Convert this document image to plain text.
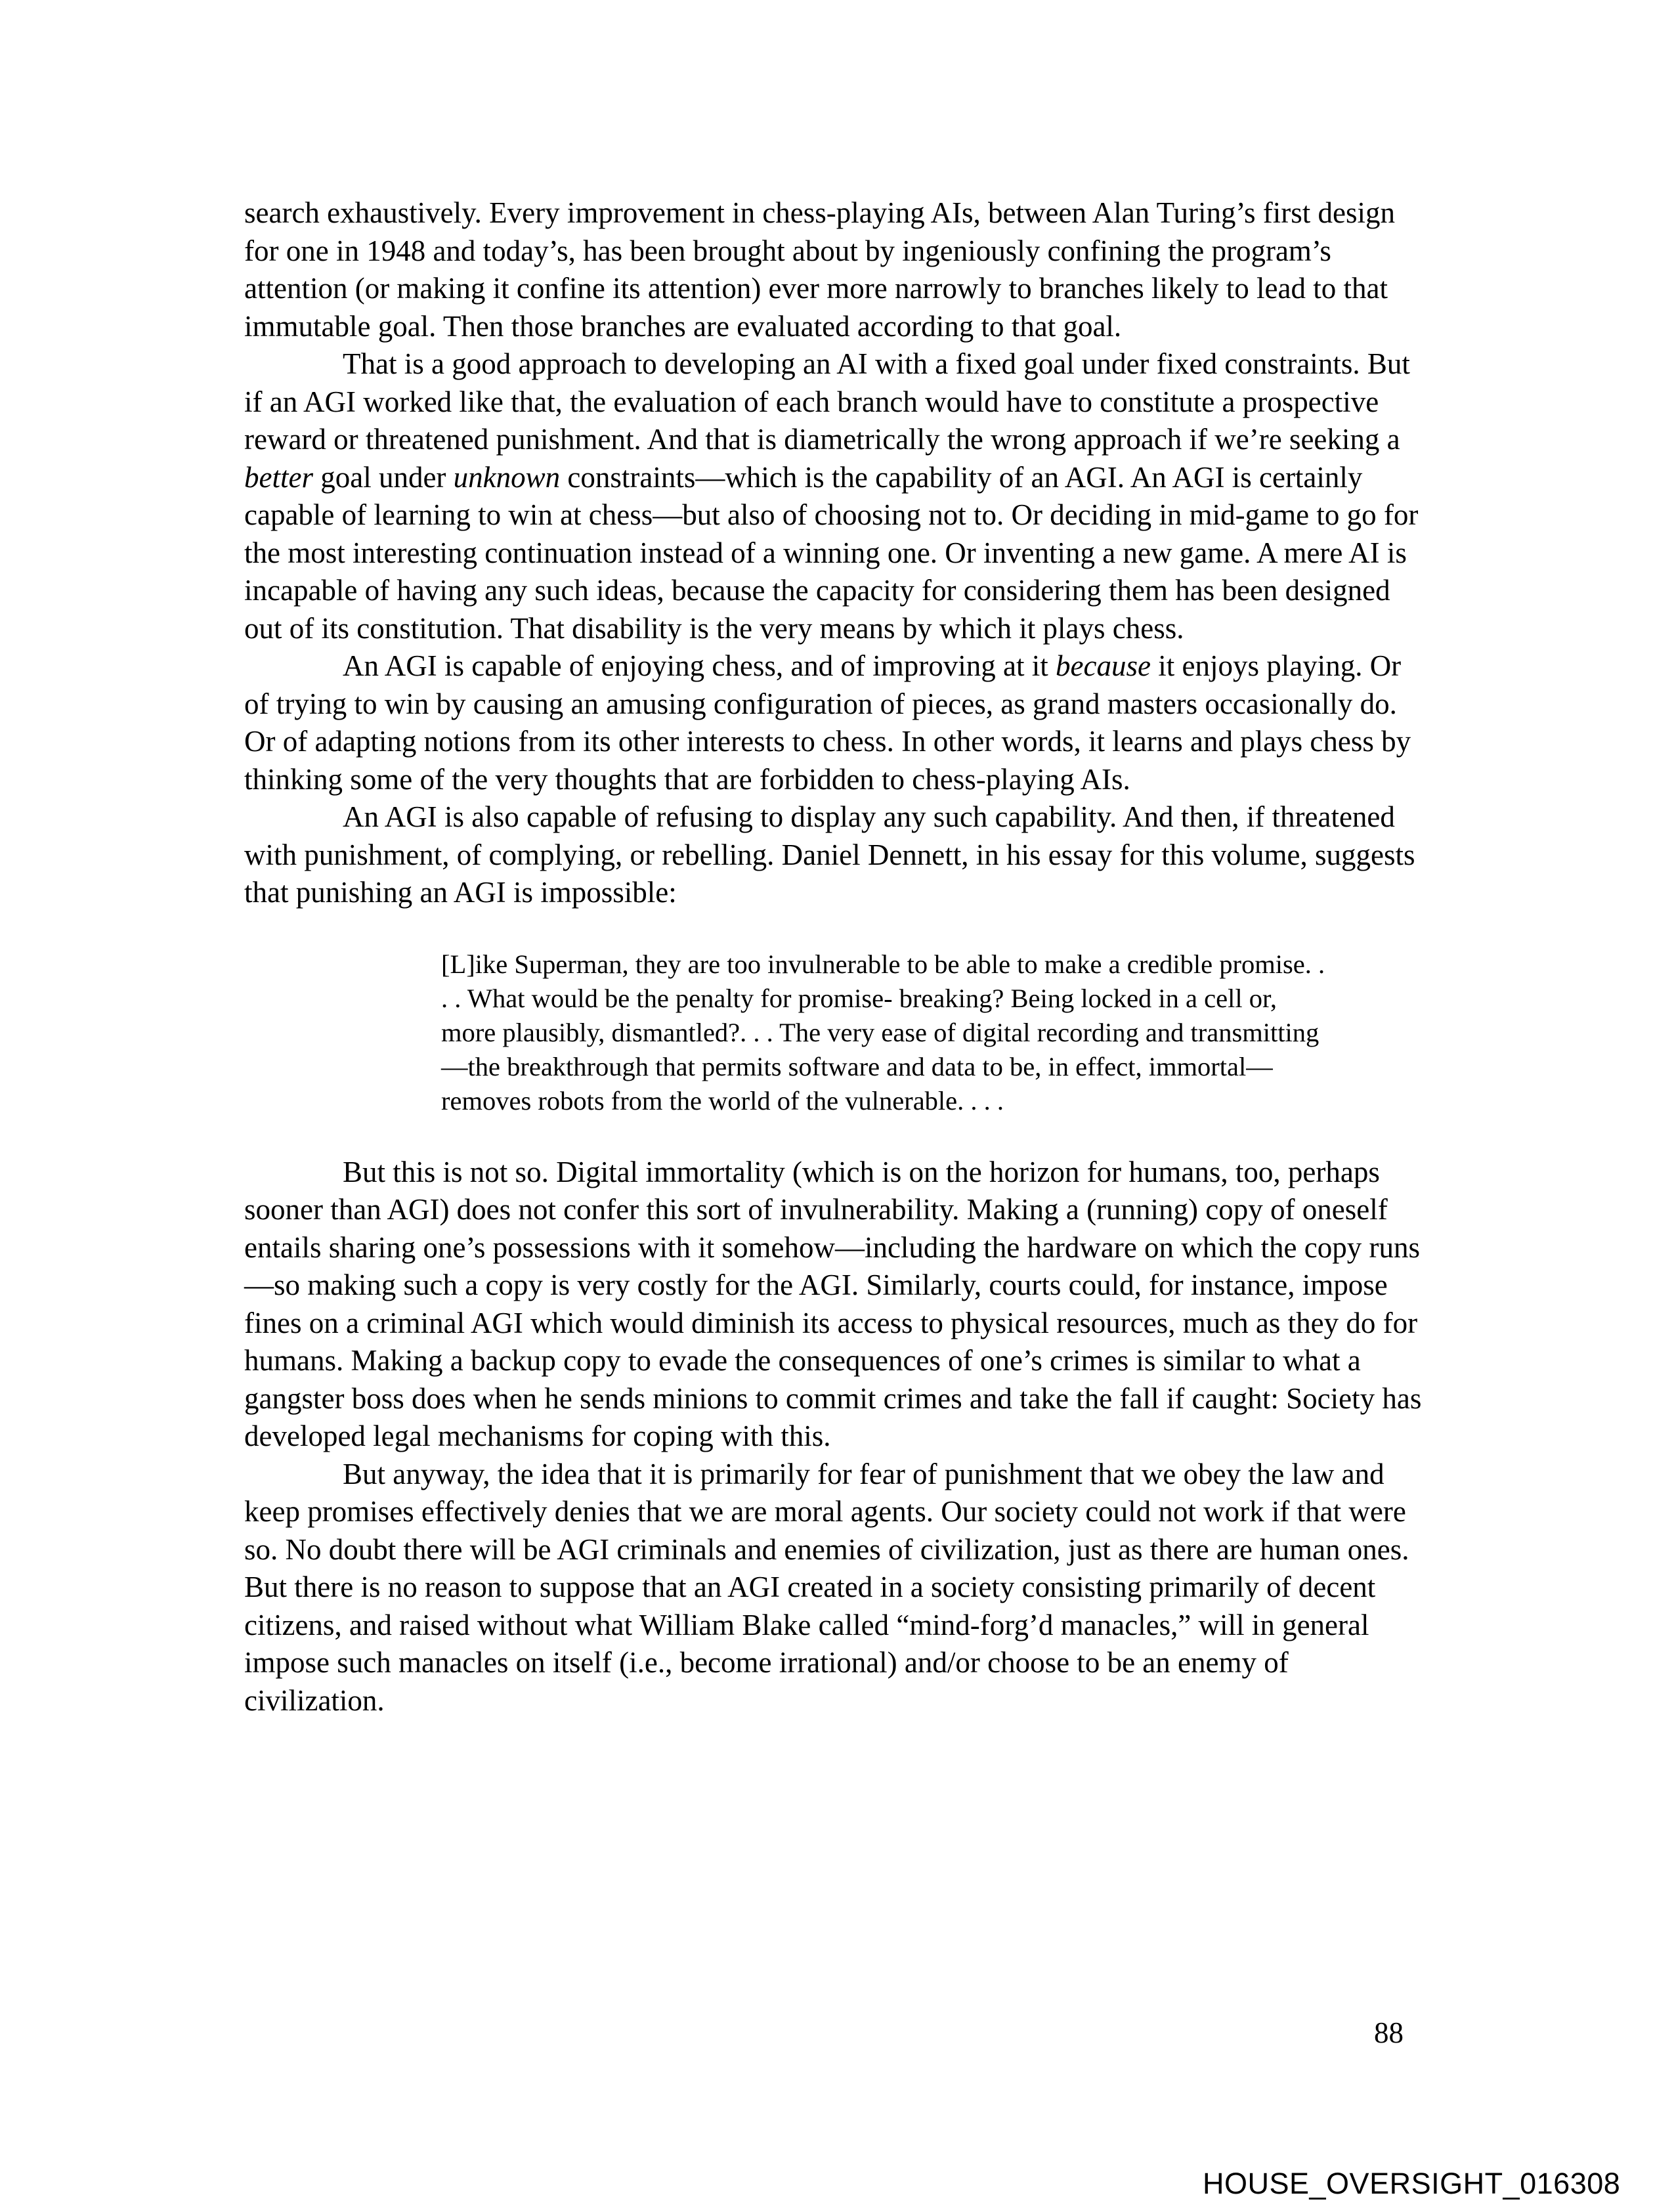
search exhaustively. Every improvement in chess-playing AIs, between Alan Turing’s first design for one in 1948 and today’s, has been brought about by ingeniously confining the program’s attention (or making it confine its attention) ever more narrowly to branches likely to lead to that immutable goal. Then those branches are evaluated according to that goal.

That is a good approach to developing an AI with a fixed goal under fixed constraints. But if an AGI worked like that, the evaluation of each branch would have to constitute a prospective reward or threatened punishment. And that is diametrically the wrong approach if we’re seeking a better goal under unknown constraints—which is the capability of an AGI. An AGI is certainly capable of learning to win at chess—but also of choosing not to. Or deciding in mid-game to go for the most interesting continuation instead of a winning one. Or inventing a new game. A mere AI is incapable of having any such ideas, because the capacity for considering them has been designed out of its constitution. That disability is the very means by which it plays chess.

An AGI is capable of enjoying chess, and of improving at it because it enjoys playing. Or of trying to win by causing an amusing configuration of pieces, as grand masters occasionally do. Or of adapting notions from its other interests to chess. In other words, it learns and plays chess by thinking some of the very thoughts that are forbidden to chess-playing AIs.

An AGI is also capable of refusing to display any such capability. And then, if threatened with punishment, of complying, or rebelling. Daniel Dennett, in his essay for this volume, suggests that punishing an AGI is impossible:

[L]ike Superman, they are too invulnerable to be able to make a credible promise. . . . What would be the penalty for promise- breaking? Being locked in a cell or, more plausibly, dismantled?. . . The very ease of digital recording and transmitting—the breakthrough that permits software and data to be, in effect, immortal—removes robots from the world of the vulnerable. . . .

But this is not so. Digital immortality (which is on the horizon for humans, too, perhaps sooner than AGI) does not confer this sort of invulnerability. Making a (running) copy of oneself entails sharing one’s possessions with it somehow—including the hardware on which the copy runs—so making such a copy is very costly for the AGI. Similarly, courts could, for instance, impose fines on a criminal AGI which would diminish its access to physical resources, much as they do for humans. Making a backup copy to evade the consequences of one’s crimes is similar to what a gangster boss does when he sends minions to commit crimes and take the fall if caught: Society has developed legal mechanisms for coping with this.

But anyway, the idea that it is primarily for fear of punishment that we obey the law and keep promises effectively denies that we are moral agents. Our society could not work if that were so. No doubt there will be AGI criminals and enemies of civilization, just as there are human ones. But there is no reason to suppose that an AGI created in a society consisting primarily of decent citizens, and raised without what William Blake called “mind-forg’d manacles,” will in general impose such manacles on itself (i.e., become irrational) and/or choose to be an enemy of civilization.

88
HOUSE_OVERSIGHT_016308
